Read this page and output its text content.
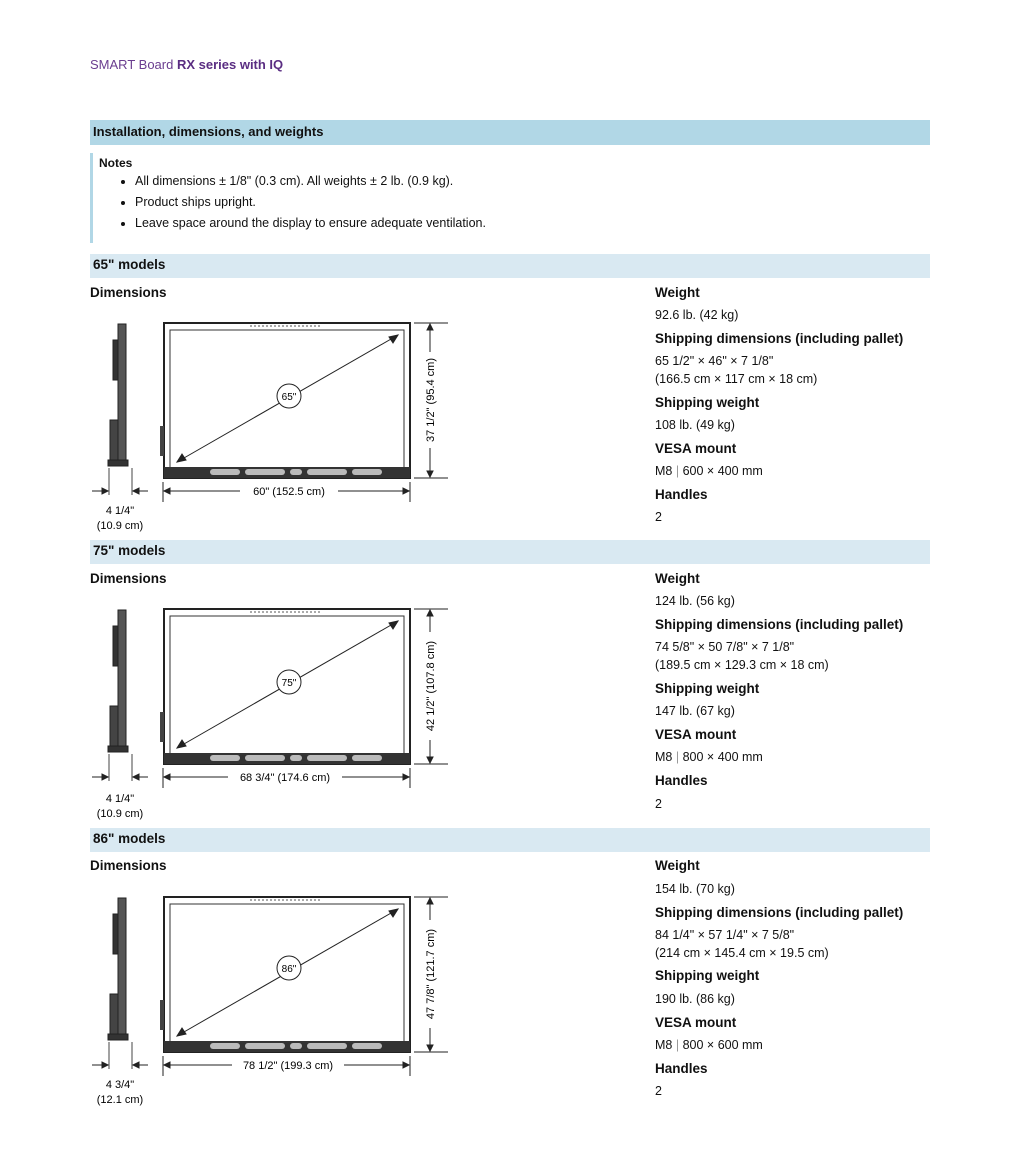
SMART Board RX series with IQ
Installation, dimensions, and weights
Notes
• All dimensions ± 1/8" (0.3 cm). All weights ± 2 lb. (0.9 kg).
• Product ships upright.
• Leave space around the display to ensure adequate ventilation.
65" models
Dimensions
65"
60" (152.5 cm)
37 1/2" (95.4 cm)
4 1/4"
(10.9 cm)
Weight
92.6 lb. (42 kg)
Shipping dimensions (including pallet)
65 1/2" × 46" × 7 1/8"
(166.5 cm × 117 cm × 18 cm)
Shipping weight
108 lb. (49 kg)
VESA mount
M8 | 600 × 400 mm
Handles
2
75" models
Dimensions
75"
68 3/4" (174.6 cm)
42 1/2" (107.8 cm)
4 1/4"
(10.9 cm)
Weight
124 lb. (56 kg)
Shipping dimensions (including pallet)
74 5/8" × 50 7/8" × 7 1/8"
(189.5 cm × 129.3 cm × 18 cm)
Shipping weight
147 lb. (67 kg)
VESA mount
M8 | 800 × 400 mm
Handles
2
86" models
Dimensions
86"
78 1/2" (199.3 cm)
47 7/8" (121.7 cm)
4 3/4"
(12.1 cm)
Weight
154 lb. (70 kg)
Shipping dimensions (including pallet)
84 1/4" × 57 1/4" × 7 5/8"
(214 cm × 145.4 cm × 19.5 cm)
Shipping weight
190 lb. (86 kg)
VESA mount
M8 | 800 × 600 mm
Handles
2
